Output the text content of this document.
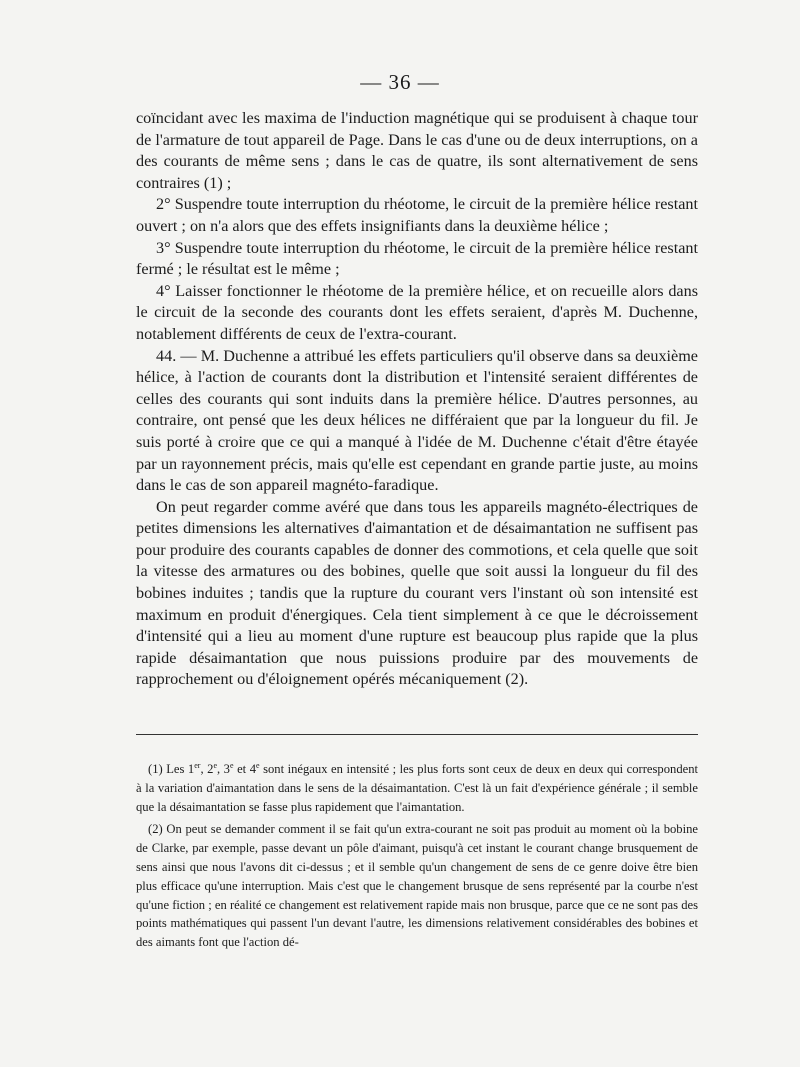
— 36 —

coïncidant avec les maxima de l'induction magnétique qui se produisent à chaque tour de l'armature de tout appareil de Page. Dans le cas d'une ou de deux interruptions, on a des courants de même sens ; dans le cas de quatre, ils sont alternativement de sens contraires (1) ;

2° Suspendre toute interruption du rhéotome, le circuit de la première hélice restant ouvert ; on n'a alors que des effets insignifiants dans la deuxième hélice ;

3° Suspendre toute interruption du rhéotome, le circuit de la première hélice restant fermé ; le résultat est le même ;

4° Laisser fonctionner le rhéotome de la première hélice, et on recueille alors dans le circuit de la seconde des courants dont les effets seraient, d'après M. Duchenne, notablement différents de ceux de l'extra-courant.

44. — M. Duchenne a attribué les effets particuliers qu'il observe dans sa deuxième hélice, à l'action de courants dont la distribution et l'intensité seraient différentes de celles des courants qui sont induits dans la première hélice. D'autres personnes, au contraire, ont pensé que les deux hélices ne différaient que par la longueur du fil. Je suis porté à croire que ce qui a manqué à l'idée de M. Duchenne c'était d'être étayée par un rayonnement précis, mais qu'elle est cependant en grande partie juste, au moins dans le cas de son appareil magnéto-faradique.

On peut regarder comme avéré que dans tous les appareils magnéto-électriques de petites dimensions les alternatives d'aimantation et de désaimantation ne suffisent pas pour produire des courants capables de donner des commotions, et cela quelle que soit la vitesse des armatures ou des bobines, quelle que soit aussi la longueur du fil des bobines induites ; tandis que la rupture du courant vers l'instant où son intensité est maximum en produit d'énergiques. Cela tient simplement à ce que le décroissement d'intensité qui a lieu au moment d'une rupture est beaucoup plus rapide que la plus rapide désaimantation que nous puissions produire par des mouvements de rapprochement ou d'éloignement opérés mécaniquement (2).

(1) Les 1er, 2e, 3e et 4e sont inégaux en intensité ; les plus forts sont ceux de deux en deux qui correspondent à la variation d'aimantation dans le sens de la désaimantation. C'est là un fait d'expérience générale ; il semble que la désaimantation se fasse plus rapidement que l'aimantation.

(2) On peut se demander comment il se fait qu'un extra-courant ne soit pas produit au moment où la bobine de Clarke, par exemple, passe devant un pôle d'aimant, puisqu'à cet instant le courant change brusquement de sens ainsi que nous l'avons dit ci-dessus ; et il semble qu'un changement de sens de ce genre doive être bien plus efficace qu'une interruption. Mais c'est que le changement brusque de sens représenté par la courbe n'est qu'une fiction ; en réalité ce changement est relativement rapide mais non brusque, parce que ce ne sont pas des points mathématiques qui passent l'un devant l'autre, les dimensions relativement considérables des bobines et des aimants font que l'action dé-
